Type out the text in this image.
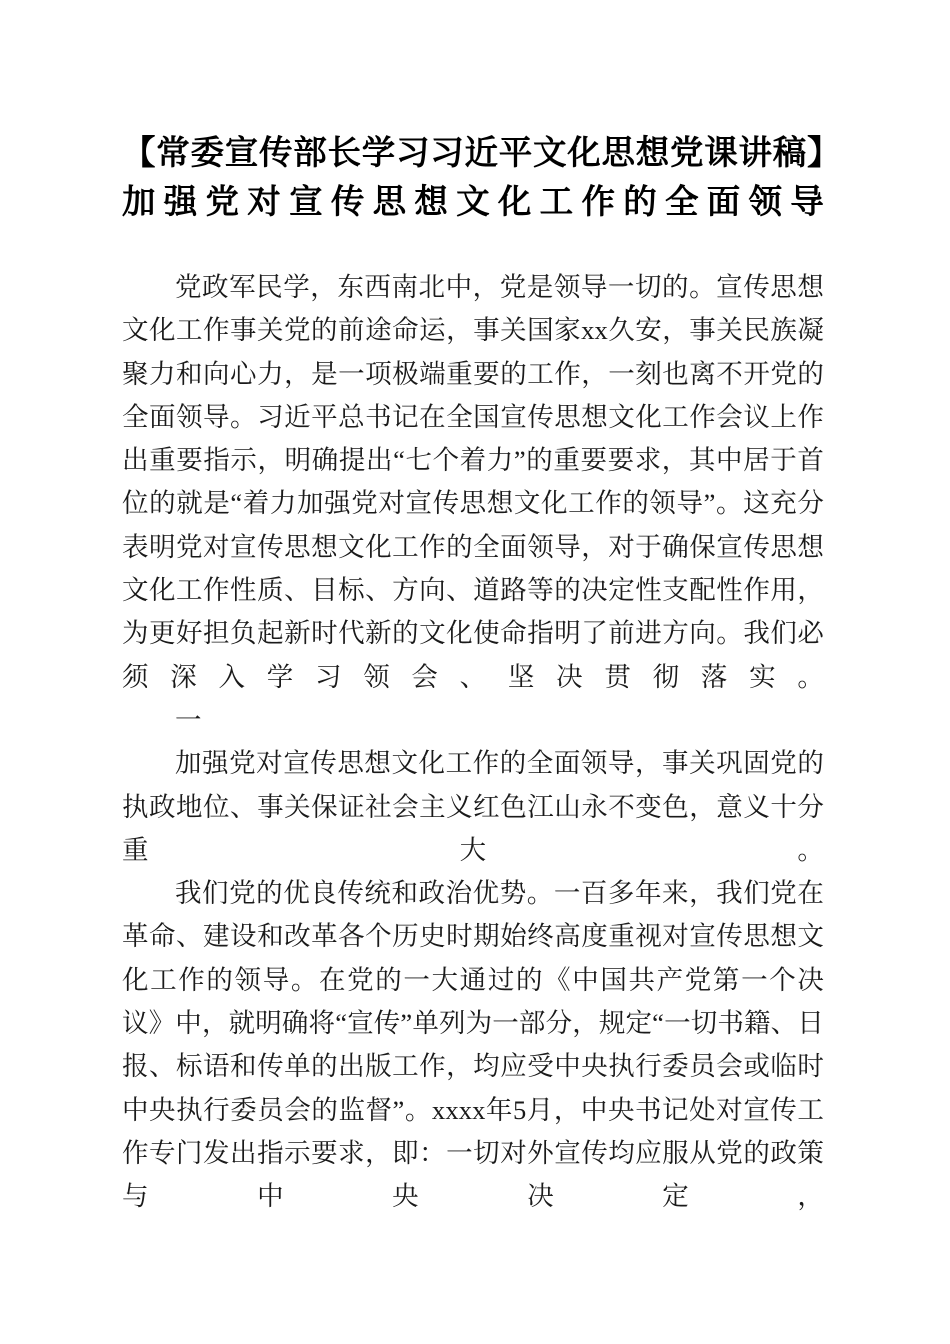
【常委宣传部长学习习近平文化思想党课讲稿】加强党对宣传思想文化工作的全面领导

党政军民学，东西南北中，党是领导一切的。宣传思想文化工作事关党的前途命运，事关国家xx久安，事关民族凝聚力和向心力，是一项极端重要的工作，一刻也离不开党的全面领导。习近平总书记在全国宣传思想文化工作会议上作出重要指示，明确提出“七个着力”的重要要求，其中居于首位的就是“着力加强党对宣传思想文化工作的领导”。这充分表明党对宣传思想文化工作的全面领导，对于确保宣传思想文化工作性质、目标、方向、道路等的决定性支配性作用，为更好担负起新时代新的文化使命指明了前进方向。我们必须深入学习领会、坚决贯彻落实。

一

加强党对宣传思想文化工作的全面领导，事关巩固党的执政地位、事关保证社会主义红色江山永不变色，意义十分重大。

我们党的优良传统和政治优势。一百多年来，我们党在革命、建设和改革各个历史时期始终高度重视对宣传思想文化工作的领导。在党的一大通过的《中国共产党第一个决议》中，就明确将“宣传”单列为一部分，规定“一切书籍、日报、标语和传单的出版工作，均应受中央执行委员会或临时中央执行委员会的监督”。xxxx年5月，中央书记处对宣传工作专门发出指示要求，即：一切对外宣传均应服从党的政策与中央决定，
